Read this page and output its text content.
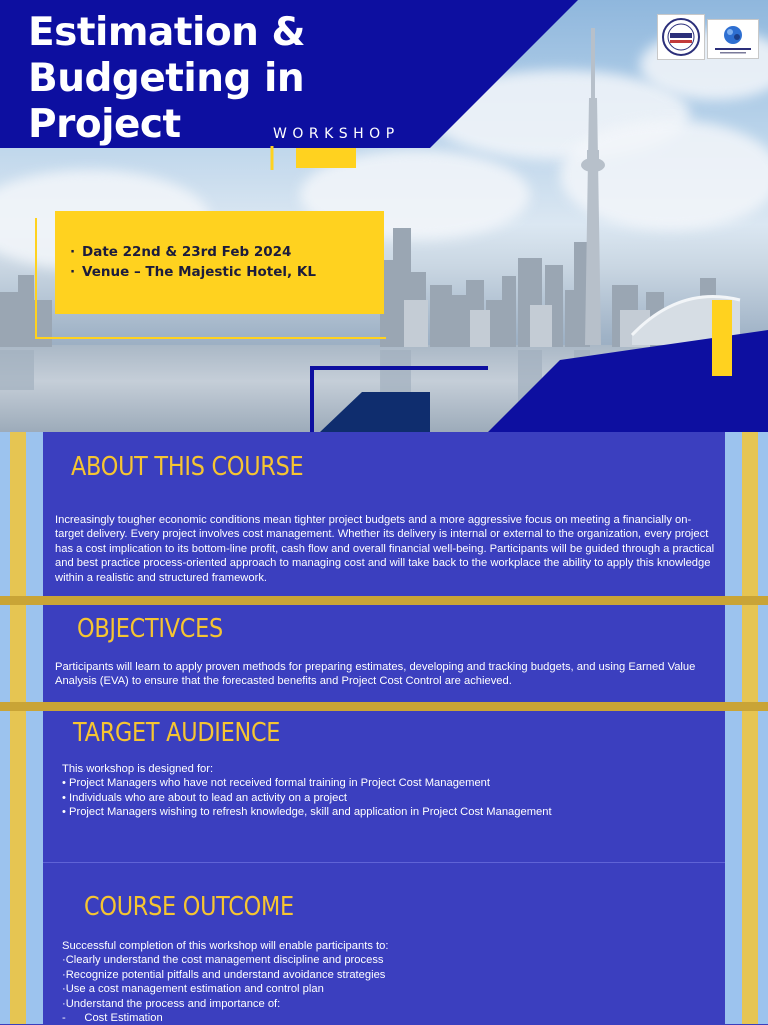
Estimation &
Budgeting in
Project	WORKSHOP
· Date 22nd & 23rd Feb 2024
· Venue – The Majestic Hotel, KL
ABOUT THIS COURSE

Increasingly tougher economic conditions mean tighter project budgets and a more aggressive focus on meeting a financially on-target delivery. Every project involves cost management. Whether its delivery is internal or external to the organization, every project has a cost implication to its bottom-line profit, cash flow and overall financial well-being. Participants will be guided through a practical and best practice process-oriented approach to managing cost and will take back to the workplace the ability to apply this knowledge within a realistic and structured framework.

OBJECTIVCES

Participants will learn to apply proven methods for preparing estimates, developing and tracking budgets, and using Earned Value Analysis (EVA) to ensure that the forecasted benefits and Project Cost Control are achieved.

TARGET AUDIENCE
This workshop is designed for:
• Project Managers who have not received formal training in Project Cost Management
• Individuals who are about to lead an activity on a project
• Project Managers wishing to refresh knowledge, skill and application in Project Cost Management
COURSE OUTCOME
Successful completion of this workshop will enable participants to:
·Clearly understand the cost management discipline and process
·Recognize potential pitfalls and understand avoidance strategies
·Use a cost management estimation and control plan
·Understand the process and importance of:
-      Cost Estimation
